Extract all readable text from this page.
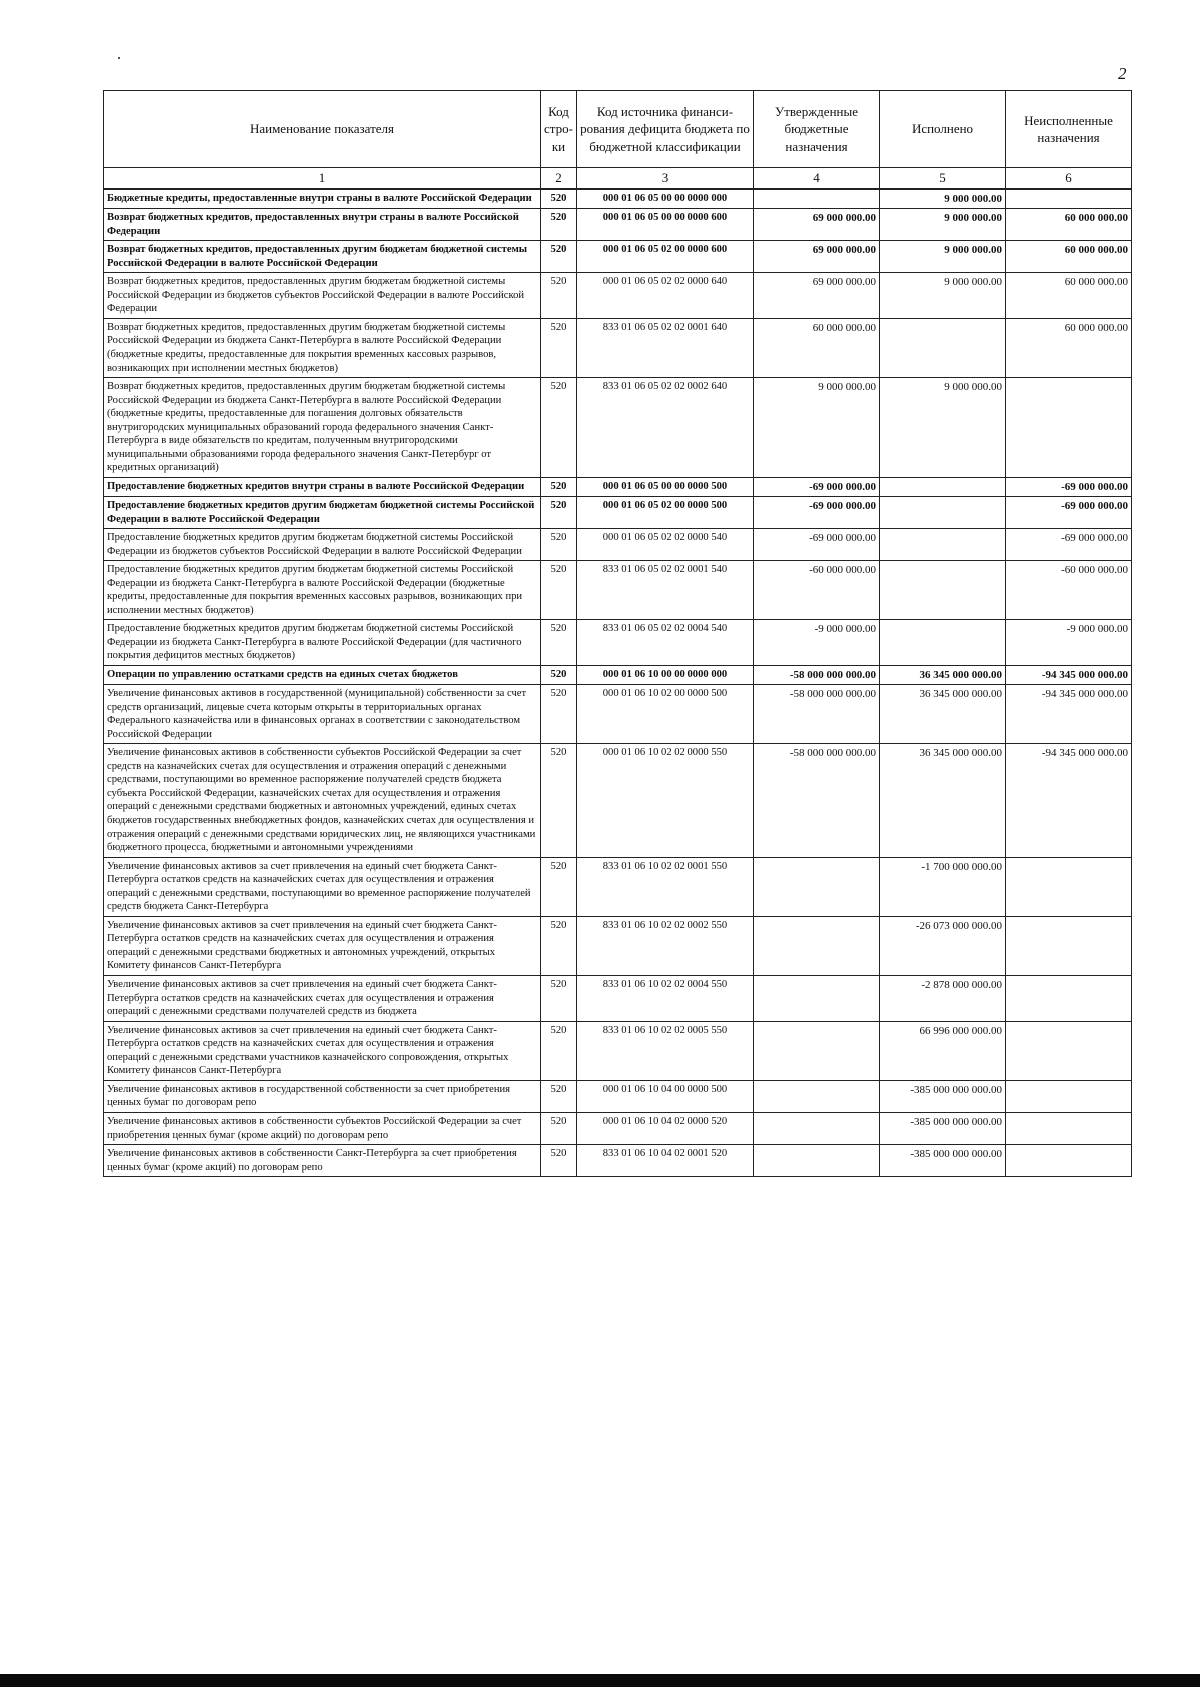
2
Наименование показателя	Код стро-ки	Код источника финанси-рования дефицита бюджета по бюджетной классификации	Утвержденные бюджетные назначения	Исполнено	Неисполненные назначения
1	2	3	4	5	6
Бюджетные кредиты, предоставленные внутри страны в валюте Российской Федерации	520	000 01 06 05 00 00 0000 000		9 000 000.00	
Возврат бюджетных кредитов, предоставленных внутри страны в валюте Российской Федерации	520	000 01 06 05 00 00 0000 600	69 000 000.00	9 000 000.00	60 000 000.00
Возврат бюджетных кредитов, предоставленных другим бюджетам бюджетной системы Российской Федерации в валюте Российской Федерации	520	000 01 06 05 02 00 0000 600	69 000 000.00	9 000 000.00	60 000 000.00
Возврат бюджетных кредитов, предоставленных другим бюджетам бюджетной системы Российской Федерации из бюджетов субъектов Российской Федерации в валюте Российской Федерации	520	000 01 06 05 02 02 0000 640	69 000 000.00	9 000 000.00	60 000 000.00
Возврат бюджетных кредитов, предоставленных другим бюджетам бюджетной системы Российской Федерации из бюджета Санкт-Петербурга в валюте Российской Федерации (бюджетные кредиты, предоставленные для покрытия временных кассовых разрывов, возникающих при исполнении местных бюджетов)	520	833 01 06 05 02 02 0001 640	60 000 000.00		60 000 000.00
Возврат бюджетных кредитов, предоставленных другим бюджетам бюджетной системы Российской Федерации из бюджета Санкт-Петербурга в валюте Российской Федерации (бюджетные кредиты, предоставленные для погашения долговых обязательств внутригородских муниципальных образований города федерального значения Санкт-Петербурга в виде обязательств по кредитам, полученным внутригородскими муниципальными образованиями города федерального значения Санкт-Петербург от кредитных организаций)	520	833 01 06 05 02 02 0002 640	9 000 000.00	9 000 000.00	
Предоставление бюджетных кредитов внутри страны в валюте Российской Федерации	520	000 01 06 05 00 00 0000 500	-69 000 000.00		-69 000 000.00
Предоставление бюджетных кредитов другим бюджетам бюджетной системы Российской Федерации в валюте Российской Федерации	520	000 01 06 05 02 00 0000 500	-69 000 000.00		-69 000 000.00
Предоставление бюджетных кредитов другим бюджетам бюджетной системы Российской Федерации из бюджетов субъектов Российской Федерации в валюте Российской Федерации	520	000 01 06 05 02 02 0000 540	-69 000 000.00		-69 000 000.00
Предоставление бюджетных кредитов другим бюджетам бюджетной системы Российской Федерации из бюджета Санкт-Петербурга в валюте Российской Федерации (бюджетные кредиты, предоставленные для покрытия временных кассовых разрывов, возникающих при исполнении местных бюджетов)	520	833 01 06 05 02 02 0001 540	-60 000 000.00		-60 000 000.00
Предоставление бюджетных кредитов другим бюджетам бюджетной системы Российской Федерации из бюджета Санкт-Петербурга в валюте Российской Федерации (для частичного покрытия дефицитов местных бюджетов)	520	833 01 06 05 02 02 0004 540	-9 000 000.00		-9 000 000.00
Операции по управлению остатками средств на единых счетах бюджетов	520	000 01 06 10 00 00 0000 000	-58 000 000 000.00	36 345 000 000.00	-94 345 000 000.00
Увеличение финансовых активов в государственной (муниципальной) собственности за счет средств организаций, лицевые счета которым открыты в территориальных органах Федерального казначейства или в финансовых органах в соответствии с законодательством Российской Федерации	520	000 01 06 10 02 00 0000 500	-58 000 000 000.00	36 345 000 000.00	-94 345 000 000.00
Увеличение финансовых активов в собственности субъектов Российской Федерации за счет средств на казначейских счетах для осуществления и отражения операций с денежными средствами, поступающими во временное распоряжение получателей средств бюджета субъекта Российской Федерации, казначейских счетах для осуществления и отражения операций с денежными средствами бюджетных и автономных учреждений, единых счетах бюджетов государственных внебюджетных фондов, казначейских счетах для осуществления и отражения операций с денежными средствами юридических лиц, не являющихся участниками бюджетного процесса, бюджетными и автономными учреждениями	520	000 01 06 10 02 02 0000 550	-58 000 000 000.00	36 345 000 000.00	-94 345 000 000.00
Увеличение финансовых активов за счет привлечения на единый счет бюджета Санкт-Петербурга остатков средств на казначейских счетах для осуществления и отражения операций с денежными средствами, поступающими во временное распоряжение получателей средств бюджета Санкт-Петербурга	520	833 01 06 10 02 02 0001 550		-1 700 000 000.00	
Увеличение финансовых активов за счет привлечения на единый счет бюджета Санкт-Петербурга остатков средств на казначейских счетах для осуществления и отражения операций с денежными средствами бюджетных и автономных учреждений, открытых Комитету финансов Санкт-Петербурга	520	833 01 06 10 02 02 0002 550		-26 073 000 000.00	
Увеличение финансовых активов за счет привлечения на единый счет бюджета Санкт-Петербурга остатков средств на казначейских счетах для осуществления и отражения операций с денежными средствами получателей средств из бюджета	520	833 01 06 10 02 02 0004 550		-2 878 000 000.00	
Увеличение финансовых активов за счет привлечения на единый счет бюджета Санкт-Петербурга остатков средств на казначейских счетах для осуществления и отражения операций с денежными средствами участников казначейского сопровождения, открытых Комитету финансов Санкт-Петербурга	520	833 01 06 10 02 02 0005 550		66 996 000 000.00	
Увеличение финансовых активов в государственной собственности за счет приобретения ценных бумаг по договорам репо	520	000 01 06 10 04 00 0000 500		-385 000 000 000.00	
Увеличение финансовых активов в собственности субъектов Российской Федерации за счет приобретения ценных бумаг (кроме акций) по договорам репо	520	000 01 06 10 04 02 0000 520		-385 000 000 000.00	
Увеличение финансовых активов в собственности Санкт-Петербурга за счет приобретения ценных бумаг (кроме акций) по договорам репо	520	833 01 06 10 04 02 0001 520		-385 000 000 000.00	
